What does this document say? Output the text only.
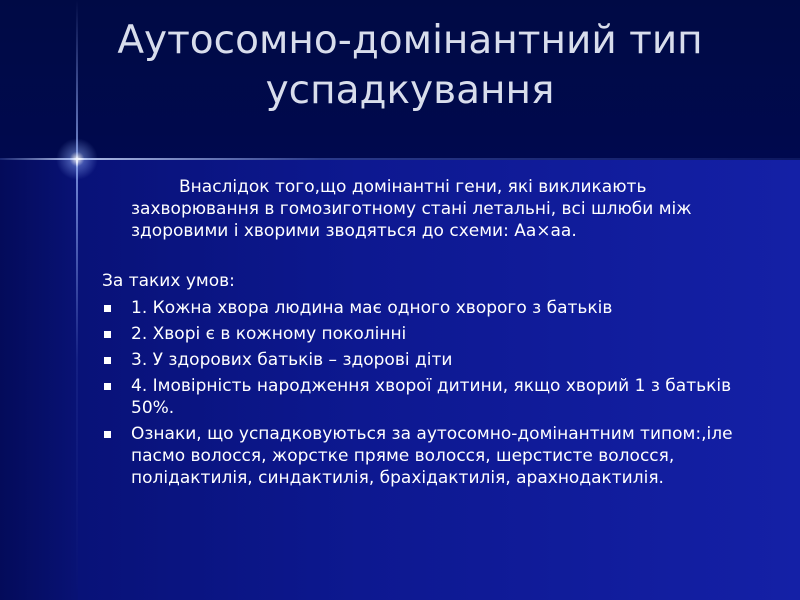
Аутосомно-домінантний тип успадкування

Внаслідок того,що домінантні гени, які викликають захворювання в гомозиготному стані летальні, всі шлюби між здоровими і хворими зводяться до схеми: Аа×аа.

За таких умов:

1. Кожна хвора людина має одного хворого з батьків
2. Хворі є в кожному поколінні
3. У здорових батьків – здорові діти
4. Імовірність народження хворої дитини, якщо хворий 1 з батьків 50%.
Ознаки, що успадковуються за аутосомно-домінантним типом:,іле пасмо волосся, жорстке пряме волосся, шерстисте волосся, полідактилія, синдактилія, брахідактилія, арахнодактилія.
